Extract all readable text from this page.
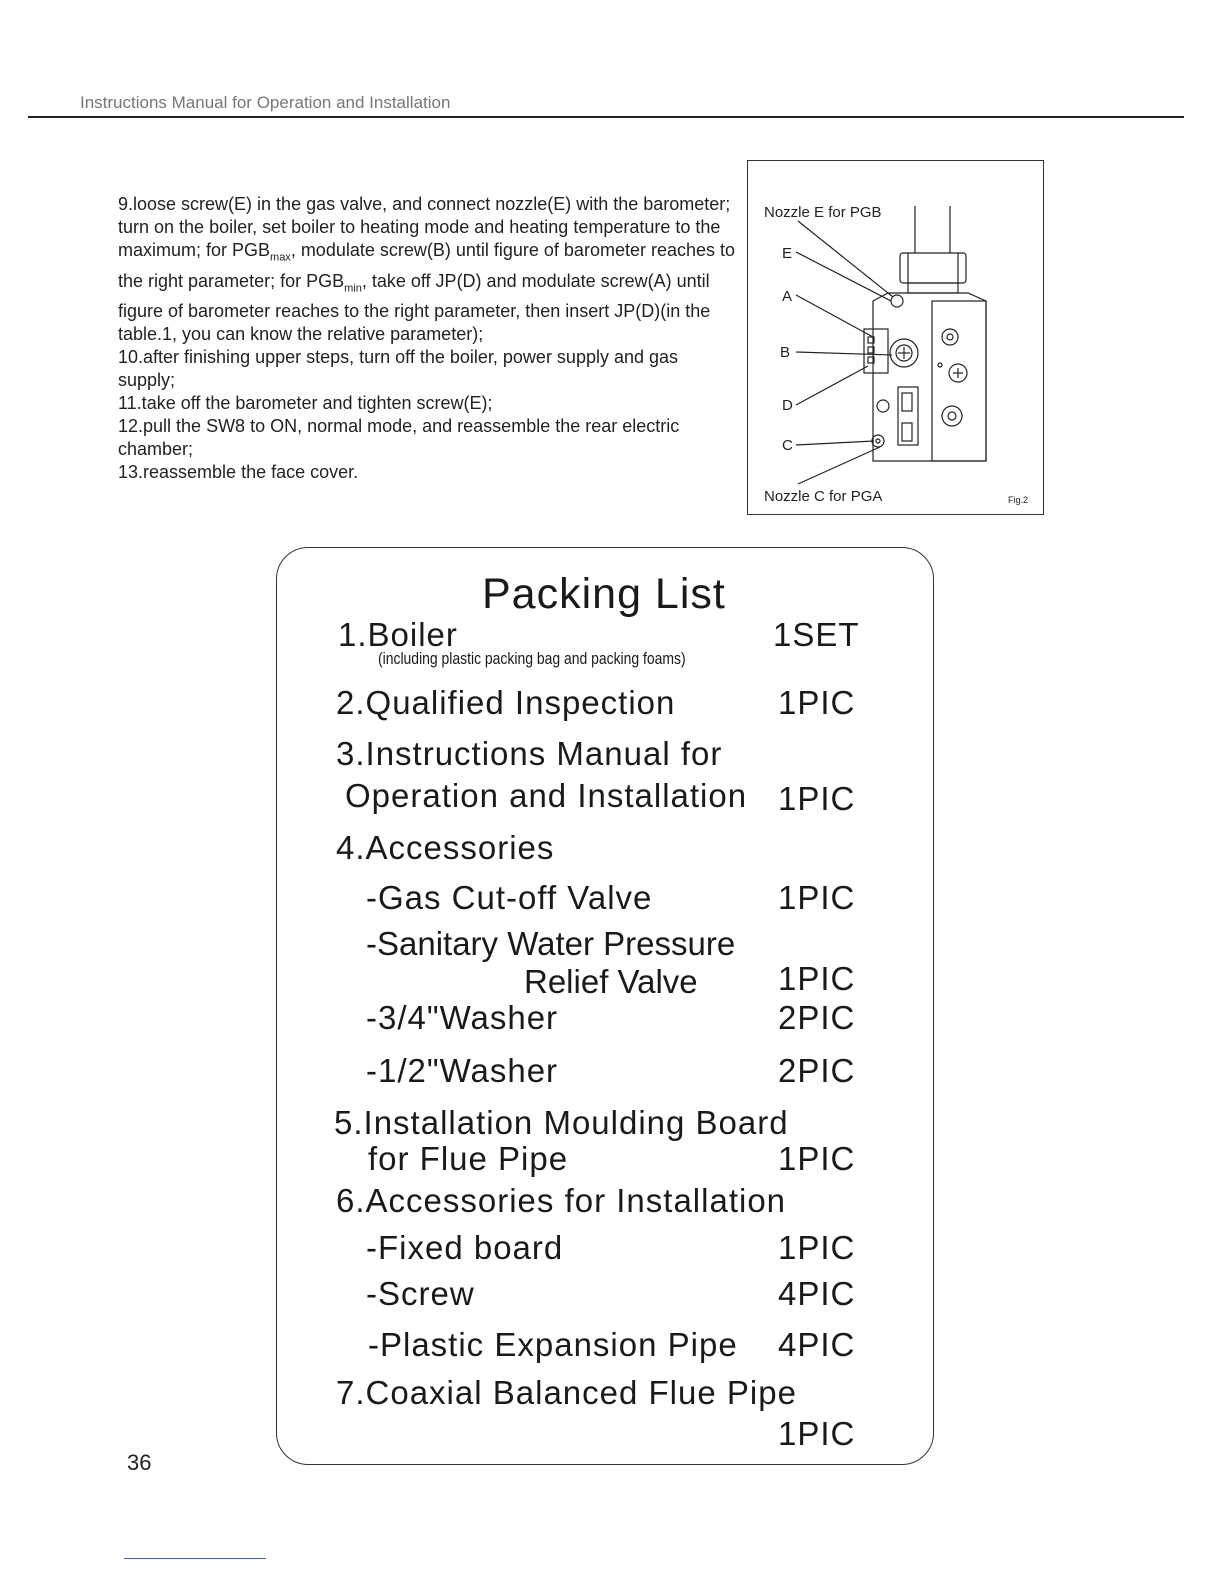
Instructions Manual for Operation and Installation

9.loose screw(E) in the gas valve, and connect nozzle(E) with the barometer; turn on the boiler, set boiler to heating mode and heating temperature to the maximum; for $PGB_{max}$, modulate screw(B) until figure of barometer reaches to the right parameter; for $PGB_{min}$, take off JP(D) and modulate screw(A) until figure of barometer reaches to the right parameter, then insert JP(D)(in the table.1, you can know the relative parameter);

10.after finishing upper steps, turn off the boiler, power supply and gas supply;

11.take off the barometer and tighten screw(E);

12.pull the SW8 to ON, normal mode, and reassemble the rear electric chamber;

13.reassemble the face cover.

Nozzle E for PGB
E
A
B
D
C
Nozzle C for PGA	Fig.2
Packing List
1.Boiler	1SET
(including plastic packing bag and packing foams)
2.Qualified Inspection	1PIC
3.Instructions Manual for
Operation and Installation 1PIC
4.Accessories
-Gas Cut-off Valve	1PIC
-Sanitary Water Pressure
Relief Valve 1PIC
-3/4"Washer	2PIC
-1/2"Washer	2PIC
5.Installation Moulding Board
for Flue Pipe	1PIC
6.Accessories for Installation
-Fixed board	1PIC
-Screw	4PIC
-Plastic Expansion Pipe 4PIC
7.Coaxial Balanced Flue Pipe
1PIC
36
